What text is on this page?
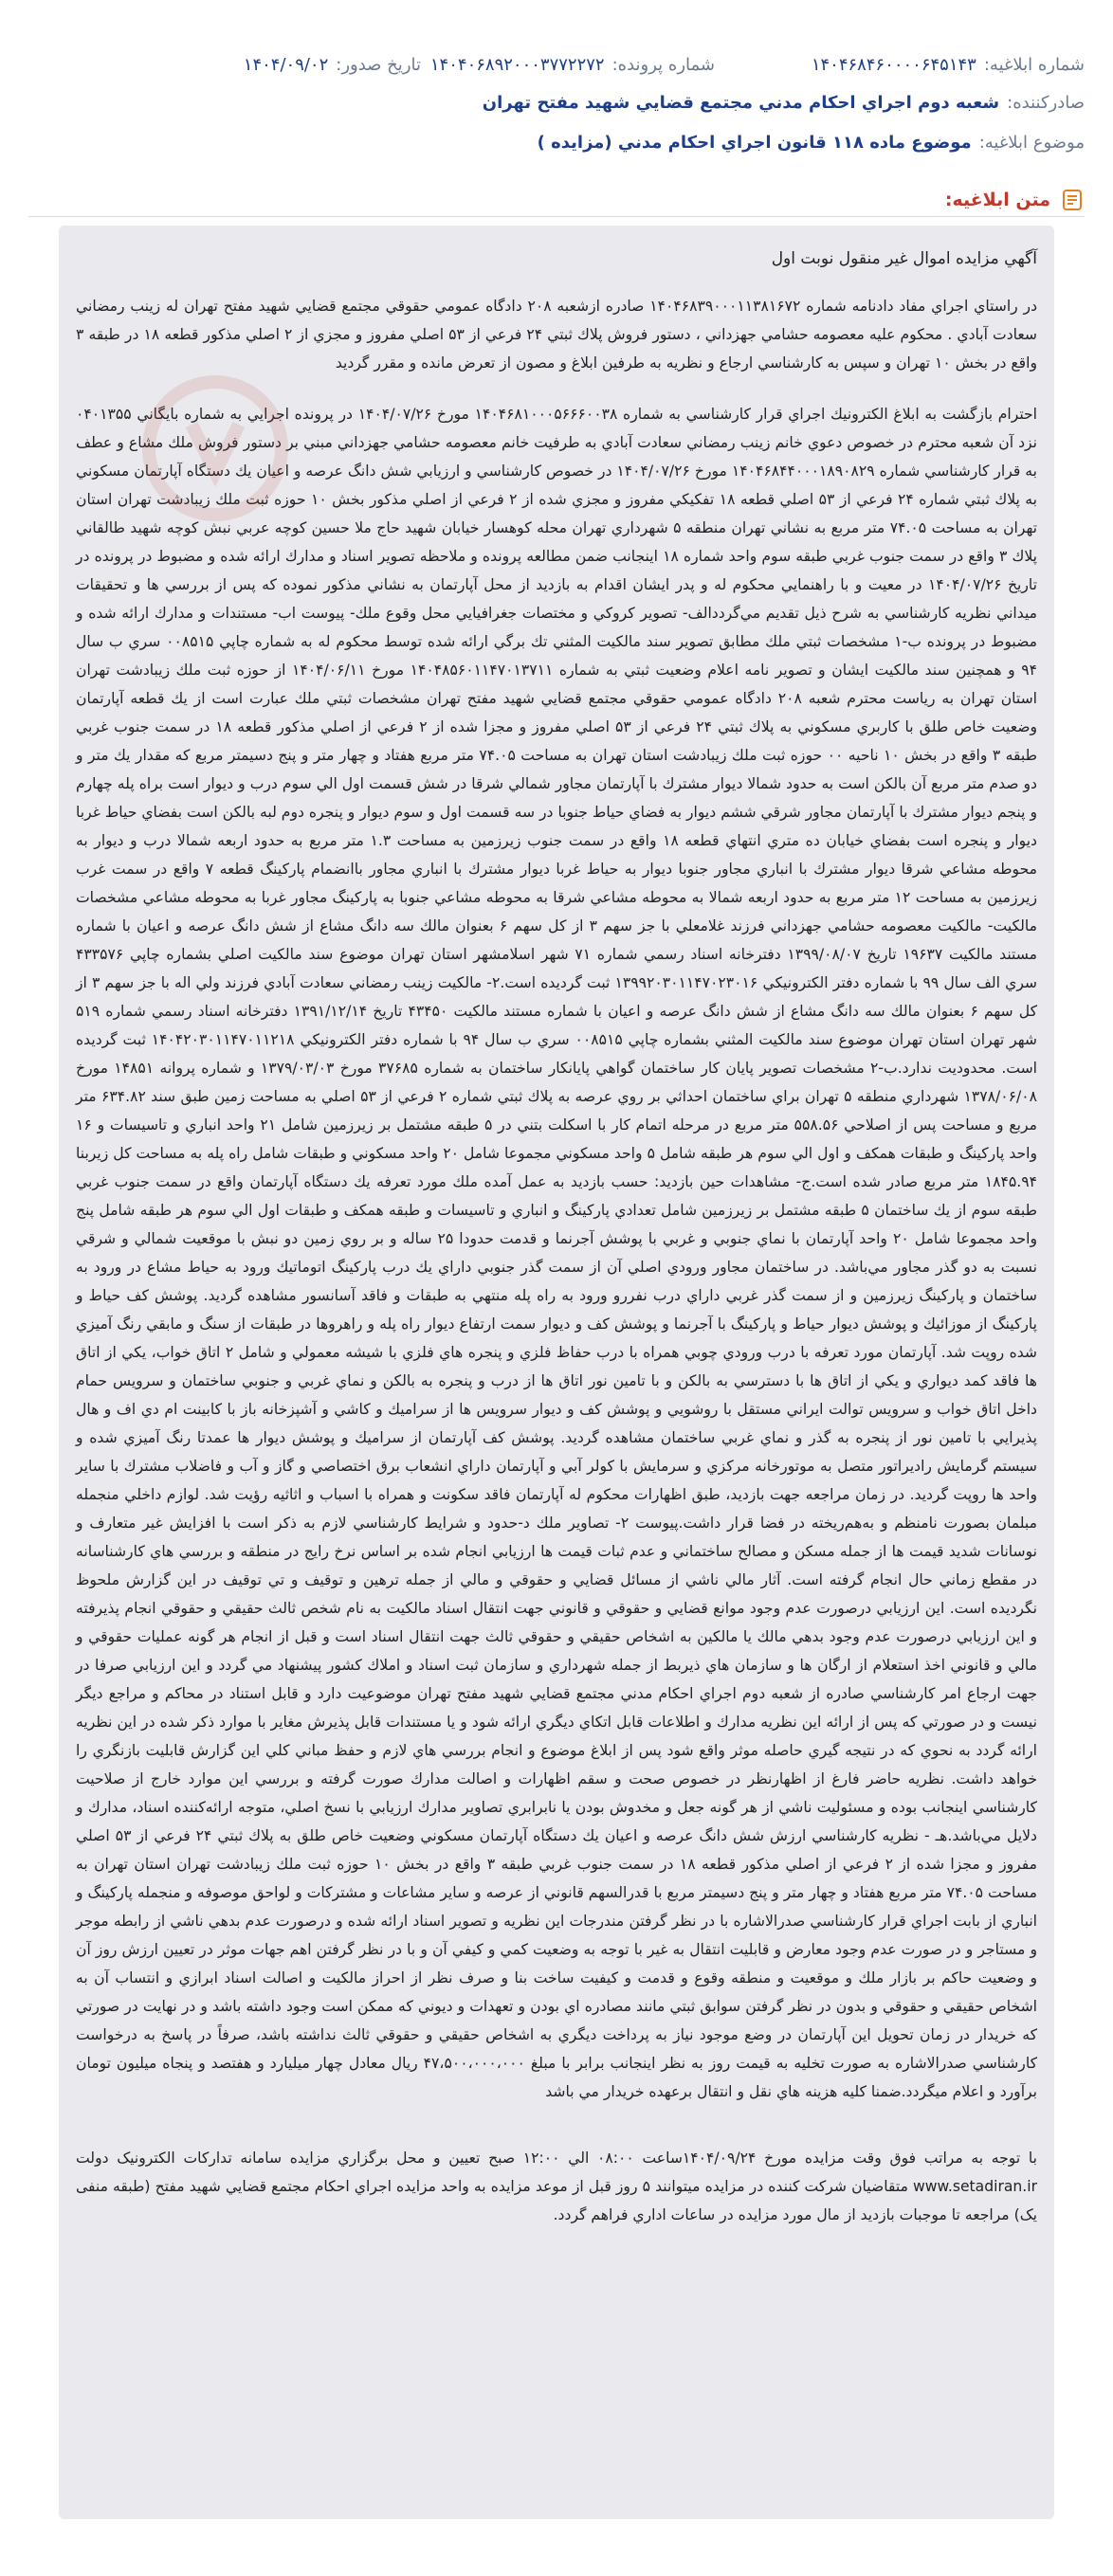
شماره ابلاغيه:
۱۴۰۴۶۸۴۶۰۰۰۰۶۴۵۱۴۳
شماره پرونده:
۱۴۰۴۰۶۸۹۲۰۰۰۳۷۷۲۲۷۲
تاريخ صدور:
۱۴۰۴/۰۹/۰۲
صادركننده:
شعبه دوم اجراي احكام مدني مجتمع قضايي شهيد مفتح تهران
موضوع ابلاغيه:
موضوع ماده ۱۱۸ قانون اجراي احكام مدني (مزايده )
متن ابلاغيه:
آگهي مزايده اموال غير منقول نوبت اول

در راستاي اجراي مفاد دادنامه شماره ۱۴۰۴۶۸۳۹۰۰۰۱۱۳۸۱۶۷۲ صادره ازشعبه ۲۰۸ دادگاه عمومي حقوقي مجتمع قضايي شهيد مفتح تهران له زينب رمضاني سعادت آبادي . محكوم عليه معصومه حشامي جهزداني ، دستور فروش پلاك ثبتي ۲۴ فرعي از ۵۳ اصلي مفروز و مجزي از ۲ اصلي مذكور قطعه ۱۸ در طبقه ۳ واقع در بخش ۱۰ تهران و سپس به كارشناسي ارجاع و نظريه به طرفين ابلاغ و مصون از تعرض مانده و مقرر گرديد

احترام بازگشت به ابلاغ الكترونيك اجراي قرار كارشناسي به شماره ۱۴۰۴۶۸۱۰۰۰۵۶۶۶۰۰۳۸ مورخ ۱۴۰۴/۰۷/۲۶ در پرونده اجرايي به شماره بايگاني ۰۴۰۱۳۵۵ نزد آن شعبه محترم در خصوص دعوي خانم زينب رمضاني سعادت آبادي به طرفيت خانم معصومه حشامي جهزداني مبني بر دستور فروش ملك مشاع و عطف به قرار كارشناسي شماره ۱۴۰۴۶۸۴۴۰۰۰۱۸۹۰۸۲۹ مورخ ۱۴۰۴/۰۷/۲۶ در خصوص كارشناسي و ارزيابي شش دانگ عرصه و اعيان يك دستگاه آپارتمان مسكوني به پلاك ثبتي شماره ۲۴ فرعي از ۵۳ اصلي قطعه ۱۸ تفكيكي مفروز و مجزي شده از ۲ فرعي از اصلي مذكور بخش ۱۰ حوزه ثبت ملك زيبادشت تهران استان تهران به مساحت ۷۴.۰۵ متر مربع به نشاني تهران منطقه ۵ شهرداري تهران محله كوهسار خيابان شهيد حاج ملا حسين كوچه عربي نبش كوچه شهيد طالقاني پلاك ۳ واقع در سمت جنوب غربي طبقه سوم واحد شماره ۱۸ اينجانب ضمن مطالعه پرونده و ملاحظه تصوير اسناد و مدارك ارائه شده و مضبوط در پرونده در تاريخ ۱۴۰۴/۰۷/۲۶ در معيت و با راهنمايي محكوم له و پدر ايشان اقدام به بازديد از محل آپارتمان به نشاني مذكور نموده كه پس از بررسي ها و تحقيقات ميداني نظريه كارشناسي به شرح ذيل تقديم مي‌گرددالف- تصوير كروكي و مختصات جغرافيايي محل وقوع ملك- پيوست اب- مستندات و مدارك ارائه شده و مضبوط در پرونده ب-۱ مشخصات ثبتي ملك مطابق تصوير سند مالكيت المثني تك برگي ارائه شده توسط محكوم له به شماره چاپي ۰۰۸۵۱۵ سري ب سال ۹۴ و همچنين سند مالكيت ايشان و تصوير نامه اعلام وضعيت ثبتي به شماره ۱۴۰۴۸۵۶۰۱۱۴۷۰۱۳۷۱۱ مورخ ۱۴۰۴/۰۶/۱۱ از حوزه ثبت ملك زيبادشت تهران استان تهران به رياست محترم شعبه ۲۰۸ دادگاه عمومي حقوقي مجتمع قضايي شهيد مفتح تهران مشخصات ثبتي ملك عبارت است از يك قطعه آپارتمان وضعيت خاص طلق با كاربري مسكوني به پلاك ثبتي ۲۴ فرعي از ۵۳ اصلي مفروز و مجزا شده از ۲ فرعي از اصلي مذكور قطعه ۱۸ در سمت جنوب غربي طبقه ۳ واقع در بخش ۱۰ ناحيه ۰۰ حوزه ثبت ملك زيبادشت استان تهران به مساحت ۷۴.۰۵ متر مربع هفتاد و چهار متر و پنج دسيمتر مربع كه مقدار يك متر و دو صدم متر مربع آن بالكن است به حدود شمالا ديوار مشترك با آپارتمان مجاور شمالي شرقا در شش قسمت اول الي سوم درب و ديوار است براه پله چهارم و پنجم ديوار مشترك با آپارتمان مجاور شرقي ششم ديوار به فضاي حياط جنوبا در سه قسمت اول و سوم ديوار و پنجره دوم لبه بالكن است بفضاي حياط غربا ديوار و پنجره است بفضاي خيابان ده متري انتهاي قطعه ۱۸ واقع در سمت جنوب زيرزمين به مساحت ۱.۳ متر مربع به حدود اربعه شمالا درب و ديوار به محوطه مشاعي شرقا ديوار مشترك با انباري مجاور جنوبا ديوار به حياط غربا ديوار مشترك با انباري مجاور باانضمام پاركينگ قطعه ۷ واقع در سمت غرب زيرزمين به مساحت ۱۲ متر مربع به حدود اربعه شمالا به محوطه مشاعي شرقا به محوطه مشاعي جنوبا به پاركينگ مجاور غربا به محوطه مشاعي مشخصات مالكيت- مالكيت معصومه حشامي جهزداني فرزند غلامعلي با جز سهم ۳ از كل سهم ۶ بعنوان مالك سه دانگ مشاع از شش دانگ عرصه و اعيان با شماره مستند مالكيت ۱۹۶۳۷ تاريخ ۱۳۹۹/۰۸/۰۷ دفترخانه اسناد رسمي شماره ۷۱ شهر اسلامشهر استان تهران موضوع سند مالكيت اصلي بشماره چاپي ۴۳۳۵۷۶ سري الف سال ۹۹ با شماره دفتر الكترونيكي ۱۳۹۹۲۰۳۰۱۱۴۷۰۲۳۰۱۶ ثبت گرديده است.۲- مالكيت زينب رمضاني سعادت آبادي فرزند ولي اله با جز سهم ۳ از كل سهم ۶ بعنوان مالك سه دانگ مشاع از شش دانگ عرصه و اعيان با شماره مستند مالكيت ۴۳۴۵۰ تاريخ ۱۳۹۱/۱۲/۱۴ دفترخانه اسناد رسمي شماره ۵۱۹ شهر تهران استان تهران موضوع سند مالكيت المثني بشماره چاپي ۰۰۸۵۱۵ سري ب سال ۹۴ با شماره دفتر الكترونيكي ۱۴۰۴۲۰۳۰۱۱۴۷۰۱۱۲۱۸ ثبت گرديده است. محدوديت ندارد.ب-۲ مشخصات تصوير پايان كار ساختمان گواهي پايانكار ساختمان به شماره ۳۷۶۸۵ مورخ ۱۳۷۹/۰۳/۰۳ و شماره پروانه ۱۴۸۵۱ مورخ ۱۳۷۸/۰۶/۰۸ شهرداري منطقه ۵ تهران براي ساختمان احداثي بر روي عرصه به پلاك ثبتي شماره ۲ فرعي از ۵۳ اصلي به مساحت زمين طبق سند ۶۳۴.۸۲ متر مربع و مساحت پس از اصلاحي ۵۵۸.۵۶ متر مربع در مرحله اتمام كار با اسكلت بتني در ۵ طبقه مشتمل بر زيرزمين شامل ۲۱ واحد انباري و تاسيسات و ۱۶ واحد پاركينگ و طبقات همكف و اول الي سوم هر طبقه شامل ۵ واحد مسكوني مجموعا شامل ۲۰ واحد مسكوني و طبقات شامل راه پله به مساحت كل زيربنا ۱۸۴۵.۹۴ متر مربع صادر شده است.ج- مشاهدات حين بازديد: حسب بازديد به عمل آمده ملك مورد تعرفه يك دستگاه آپارتمان واقع در سمت جنوب غربي طبقه سوم از يك ساختمان ۵ طبقه مشتمل بر زيرزمين شامل تعدادي پاركينگ و انباري و تاسيسات و طبقه همكف و طبقات اول الي سوم هر طبقه شامل پنج واحد مجموعا شامل ۲۰ واحد آپارتمان با نماي جنوبي و غربي با پوشش آجرنما و قدمت حدودا ۲۵ ساله و بر روي زمين دو نبش با موقعيت شمالي و شرقي نسبت به دو گذر مجاور مي‌باشد. در ساختمان مجاور ورودي اصلي آن از سمت گذر جنوبي داراي يك درب پاركينگ اتوماتيك ورود به حياط مشاع در ورود به ساختمان و پاركينگ زيرزمين و از سمت گذر غربي داراي درب نفررو ورود به راه پله منتهي به طبقات و فاقد آسانسور مشاهده گرديد. پوشش كف حياط و پاركينگ از موزائيك و پوشش ديوار حياط و پاركينگ با آجرنما و پوشش كف و ديوار سمت ارتفاع ديوار راه پله و راهروها در طبقات از سنگ و مابقي رنگ آميزي شده روپت شد. آپارتمان مورد تعرفه با درب ورودي چوبي همراه با درب حفاظ فلزي و پنجره هاي فلزي با شيشه معمولي و شامل ۲ اتاق خواب، يكي از اتاق ها فاقد كمد ديواري و يكي از اتاق ها با دسترسي به بالكن و با تامين نور اتاق ها از درب و پنجره به بالكن و نماي غربي و جنوبي ساختمان و سرويس حمام داخل اتاق خواب و سرويس توالت ايراني مستقل با روشويي و پوشش كف و ديوار سرويس ها از سراميك و كاشي و آشپزخانه باز با كابينت ام دي اف و هال پذيرايي با تامين نور از پنجره به گذر و نماي غربي ساختمان مشاهده گرديد. پوشش كف آپارتمان از سراميك و پوشش ديوار ها عمدتا رنگ آميزي شده و سيستم گرمايش راديراتور متصل به موتورخانه مركزي و سرمايش با كولر آبي و آپارتمان داراي انشعاب برق اختصاصي و گاز و آب و فاضلاب مشترك با ساير واحد ها روپت گرديد. در زمان مراجعه جهت بازديد، طبق اظهارات محكوم له آپارتمان فاقد سكونت و همراه با اسباب و اثاثيه رؤيت شد. لوازم داخلي منجمله مبلمان بصورت نامنظم و به‌هم‌ريخته در فضا قرار داشت.پيوست ۲- تصاوير ملك د-حدود و شرايط كارشناسي لازم به ذكر است با افزايش غير متعارف و نوسانات شديد قيمت ها از جمله مسكن و مصالح ساختماني و عدم ثبات قيمت ها ارزيابي انجام شده بر اساس نرخ رايج در منطقه و بررسي هاي كارشناسانه در مقطع زماني حال انجام گرفته است. آثار مالي ناشي از مسائل قضايي و حقوقي و مالي از جمله ترهين و توقيف و تي توقيف در اين گزارش ملحوظ نگرديده است. اين ارزيابي درصورت عدم وجود موانع قضايي و حقوقي و قانوني جهت انتقال اسناد مالكيت به نام شخص ثالث حقيقي و حقوقي انجام پذيرفته و اين ارزيابي درصورت عدم وجود بدهي مالك يا مالكين به اشخاص حقيقي و حقوقي ثالث جهت انتقال اسناد است و قبل از انجام هر گونه عمليات حقوقي و مالي و قانوني اخذ استعلام از ارگان ها و سازمان هاي ذيربط از جمله شهرداري و سازمان ثبت اسناد و املاك كشور پيشنهاد مي گردد و اين ارزيابي صرفا در جهت ارجاع امر كارشناسي صادره از شعبه دوم اجراي احكام مدني مجتمع قضايي شهيد مفتح تهران موضوعيت دارد و قابل استناد در محاكم و مراجع ديگر نيست و در صورتي كه پس از ارائه اين نظريه مدارك و اطلاعات قابل اتكاي ديگري ارائه شود و يا مستندات قابل پذيرش مغاير با موارد ذكر شده در اين نظريه ارائه گردد به نحوي كه در نتيجه گيري حاصله موثر واقع شود پس از ابلاغ موضوع و انجام بررسي هاي لازم و حفظ مباني كلي اين گزارش قابليت بازنگري را خواهد داشت. نظريه حاضر فارغ از اظهارنظر در خصوص صحت و سقم اظهارات و اصالت مدارك صورت گرفته و بررسي اين موارد خارج از صلاحيت كارشناسي اينجانب بوده و مسئوليت ناشي از هر گونه جعل و مخدوش بودن يا نابرابري تصاوير مدارك ارزيابي با نسخ اصلي، متوجه ارائه‌كننده اسناد، مدارك و دلايل مي‌باشد.هـ - نظريه كارشناسي ارزش شش دانگ عرصه و اعيان يك دستگاه آپارتمان مسكوني وضعيت خاص طلق به پلاك ثبتي ۲۴ فرعي از ۵۳ اصلي مفروز و مجزا شده از ۲ فرعي از اصلي مذكور قطعه ۱۸ در سمت جنوب غربي طبقه ۳ واقع در بخش ۱۰ حوزه ثبت ملك زيبادشت تهران استان تهران به مساحت ۷۴.۰۵ متر مربع هفتاد و چهار متر و پنج دسيمتر مربع با قدرالسهم قانوني از عرصه و ساير مشاعات و مشتركات و لواحق موصوفه و منجمله پاركينگ و انباري از بابت اجراي قرار كارشناسي صدرالاشاره با در نظر گرفتن مندرجات اين نظريه و تصوير اسناد ارائه شده و درصورت عدم بدهي ناشي از رابطه موجر و مستاجر و در صورت عدم وجود معارض و قابليت انتقال به غير با توجه به وضعيت كمي و كيفي آن و با در نظر گرفتن اهم جهات موثر در تعيين ارزش روز آن و وضعيت حاكم بر بازار ملك و موقعيت و منطقه وقوع و قدمت و كيفيت ساخت بنا و صرف نظر از احراز مالكيت و اصالت اسناد ابرازي و انتساب آن به اشخاص حقيقي و حقوقي و بدون در نظر گرفتن سوابق ثبتي مانند مصادره اي بودن و تعهدات و ديوني كه ممكن است وجود داشته باشد و در نهايت در صورتي كه خريدار در زمان تحويل اين آپارتمان در وضع موجود نياز به پرداخت ديگري به اشخاص حقيقي و حقوقي ثالث نداشته باشد، صرفاً در پاسخ به درخواست كارشناسي صدرالاشاره به صورت تخليه به قيمت روز به نظر اينجانب برابر با مبلغ ۴۷،۵۰۰،۰۰۰،۰۰۰ ريال معادل چهار ميليارد و هفتصد و پنجاه ميليون تومان برآورد و اعلام ميگردد.ضمنا كليه هزينه هاي نقل و انتقال برعهده خريدار مي باشد

با توجه به مراتب فوق وقت مزايده مورخ ۱۴۰۴/۰۹/۲۴ساعت ۰۸:۰۰ الي ۱۲:۰۰ صبح تعيين و محل برگزاري مزايده سامانه تدارکات الکترونيک دولت www.setadiran.ir متقاضيان شركت كننده در مزايده ميتوانند ۵ روز قبل از موعد مزايده به واحد مزايده اجراي احكام مجتمع قضايي شهيد مفتح (طبقه منفی يک) مراجعه تا موجبات بازديد از مال مورد مزايده در ساعات اداري فراهم گردد.
